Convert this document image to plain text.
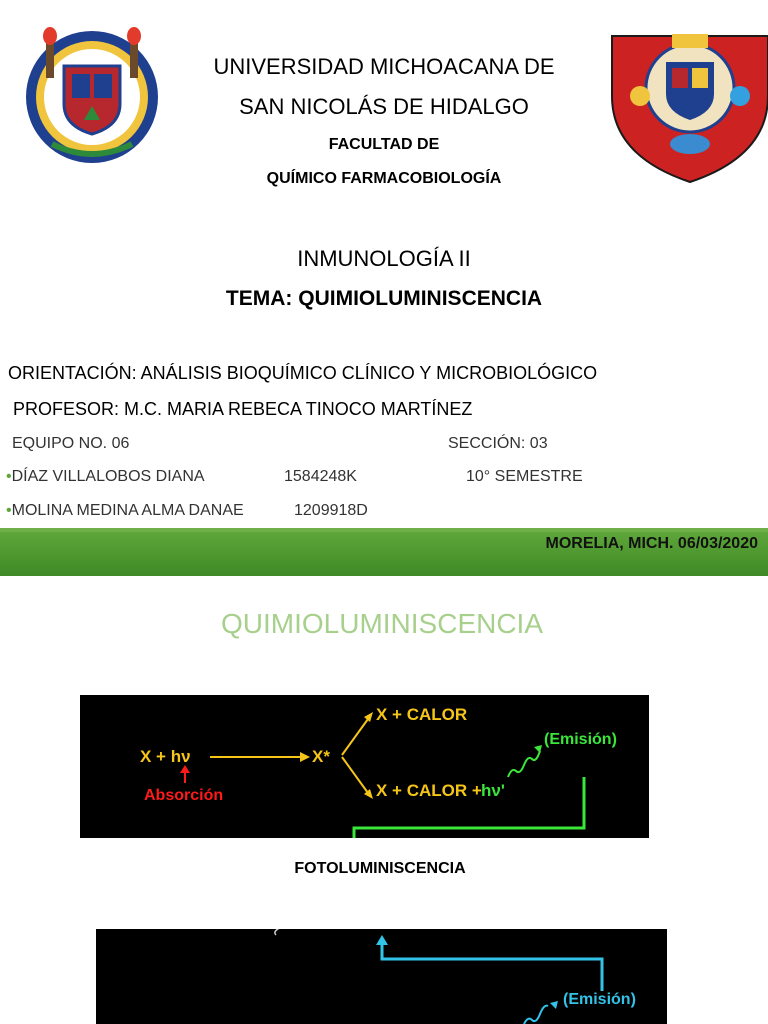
UNIVERSIDAD MICHOACANA DE
SAN NICOLÁS DE HIDALGO
FACULTAD DE
QUÍMICO FARMACOBIOLOGÍA
INMUNOLOGÍA II
TEMA: QUIMIOLUMINISCENCIA
ORIENTACIÓN: ANÁLISIS BIOQUÍMICO CLÍNICO Y MICROBIOLÓGICO
PROFESOR: M.C. MARIA REBECA TINOCO MARTÍNEZ
EQUIPO NO. 06	SECCIÓN: 03
•DÍAZ VILLALOBOS DIANA	1584248K	10° SEMESTRE
•MOLINA MEDINA ALMA DANAE	1209918D
MORELIA, MICH. 06/03/2020
QUIMIOLUMINISCENCIA
X + hν	X*
X + CALOR
X + CALOR + hν'
Absorción
(Emisión)
FOTOLUMINISCENCIA
(Emisión)
